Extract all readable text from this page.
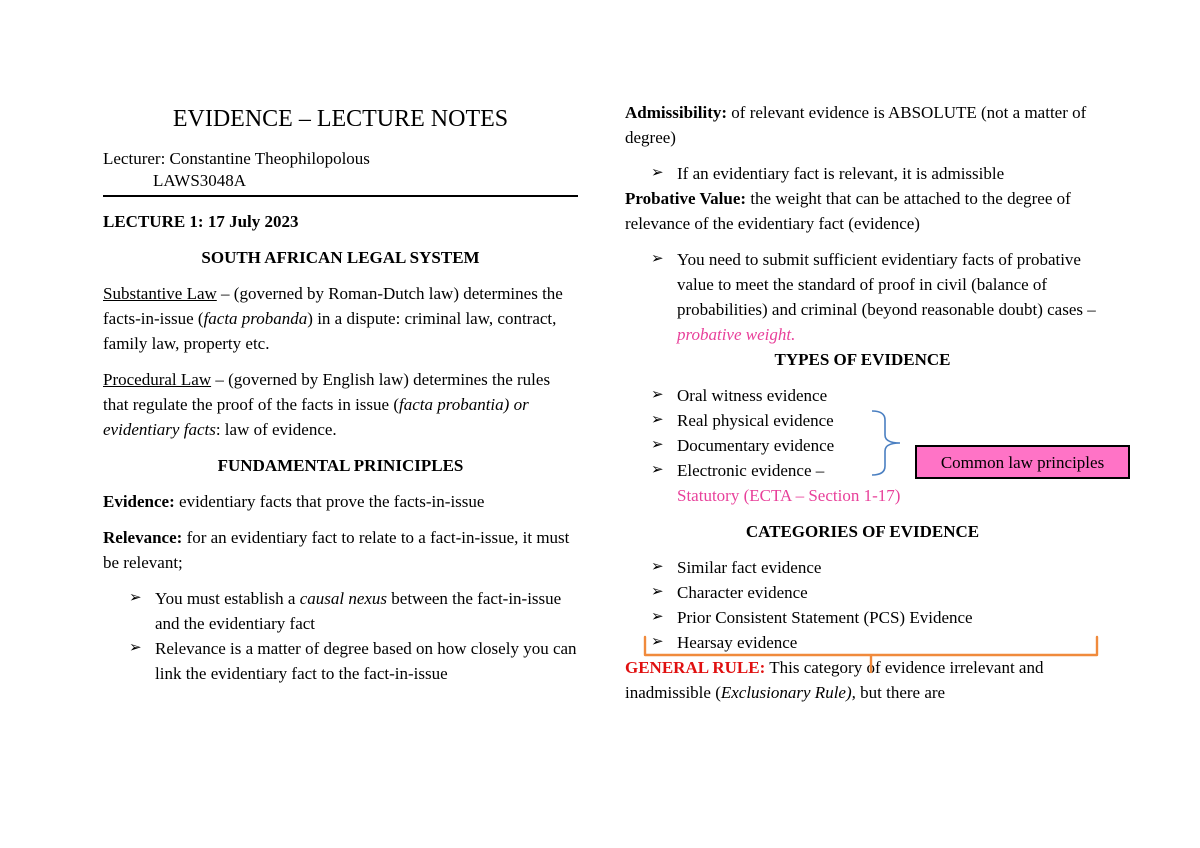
EVIDENCE – LECTURE NOTES

Lecturer: Constantine Theophilopolous

LAWS3048A

LECTURE 1: 17 July 2023

SOUTH AFRICAN LEGAL SYSTEM

Substantive Law – (governed by Roman-Dutch law) determines the facts-in-issue (facta probanda) in a dispute: criminal law, contract, family law, property etc.

Procedural Law – (governed by English law) determines the rules that regulate the proof of the facts in issue (facta probantia) or evidentiary facts: law of evidence.

FUNDAMENTAL PRINICIPLES

Evidence: evidentiary facts that prove the facts-in-issue

Relevance: for an evidentiary fact to relate to a fact-in-issue, it must be relevant;

➢ You must establish a causal nexus between the fact-in-issue and the evidentiary fact
➢ Relevance is a matter of degree based on how closely you can link the evidentiary fact to the fact-in-issue

Admissibility: of relevant evidence is ABSOLUTE (not a matter of degree)

➢ If an evidentiary fact is relevant, it is admissible

Probative Value: the weight that can be attached to the degree of relevance of the evidentiary fact (evidence)

➢ You need to submit sufficient evidentiary facts of probative value to meet the standard of proof in civil (balance of probabilities) and criminal (beyond reasonable doubt) cases – probative weight.

TYPES OF EVIDENCE

➢ Oral witness evidence
➢ Real physical evidence
➢ Documentary evidence
➢ Electronic evidence –

Statutory (ECTA – Section 1-17)

CATEGORIES OF EVIDENCE

➢ Similar fact evidence
➢ Character evidence
➢ Prior Consistent Statement (PCS) Evidence
➢ Hearsay evidence

GENERAL RULE: This category of evidence irrelevant and inadmissible (Exclusionary Rule), but there are

Common law principles
